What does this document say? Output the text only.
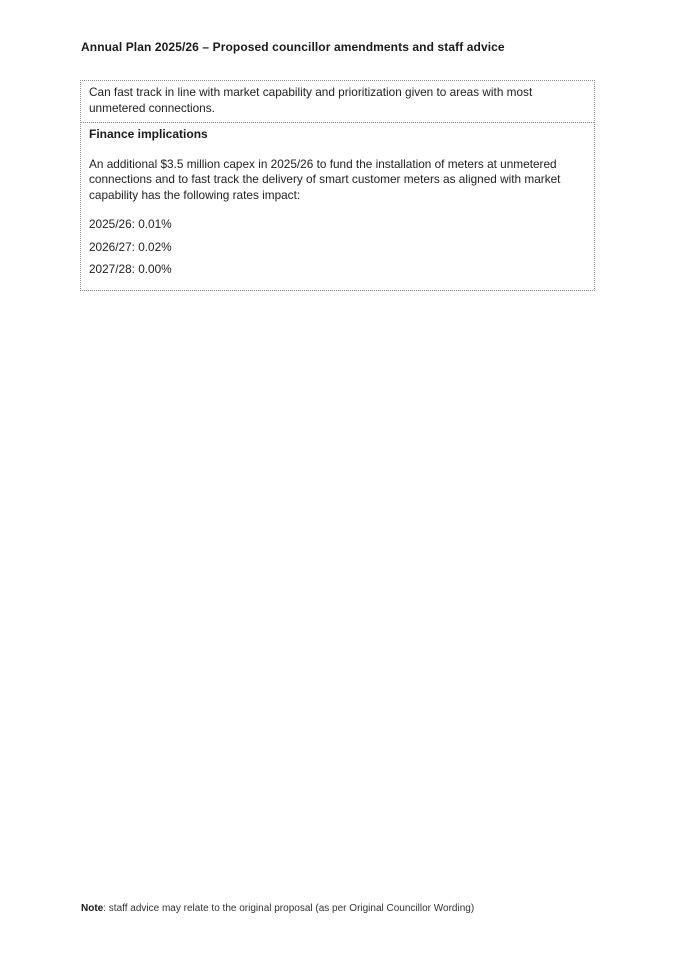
Annual Plan 2025/26 – Proposed councillor amendments and staff advice
Can fast track in line with market capability and prioritization given to areas with most unmetered connections.
Finance implications

An additional $3.5 million capex in 2025/26 to fund the installation of meters at unmetered connections and to fast track the delivery of smart customer meters as aligned with market capability has the following rates impact:

2025/26: 0.01%

2026/27: 0.02%

2027/28: 0.00%

Note: staff advice may relate to the original proposal (as per Original Councillor Wording)
